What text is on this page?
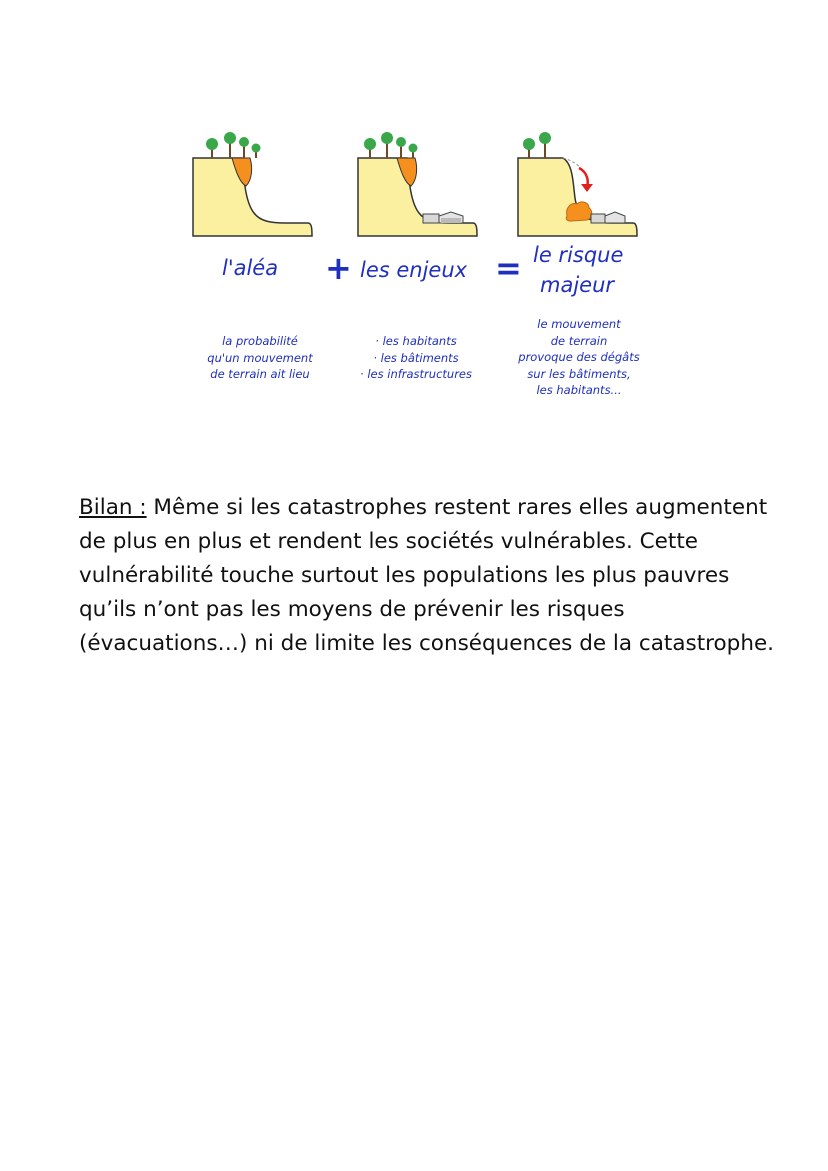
l'aléa + les enjeux = le risque
majeur
la probabilité
qu'un mouvement
de terrain ait lieu
· les habitants
· les bâtiments
· les infrastructures
le mouvement
de terrain
provoque des dégâts
sur les bâtiments,
les habitants...

Bilan : Même si les catastrophes restent rares elles augmentent de plus en plus et rendent les sociétés vulnérables. Cette vulnérabilité touche surtout les populations les plus pauvres qu’ils n’ont pas les moyens de prévenir les risques (évacuations…) ni de limite les conséquences de la catastrophe.
